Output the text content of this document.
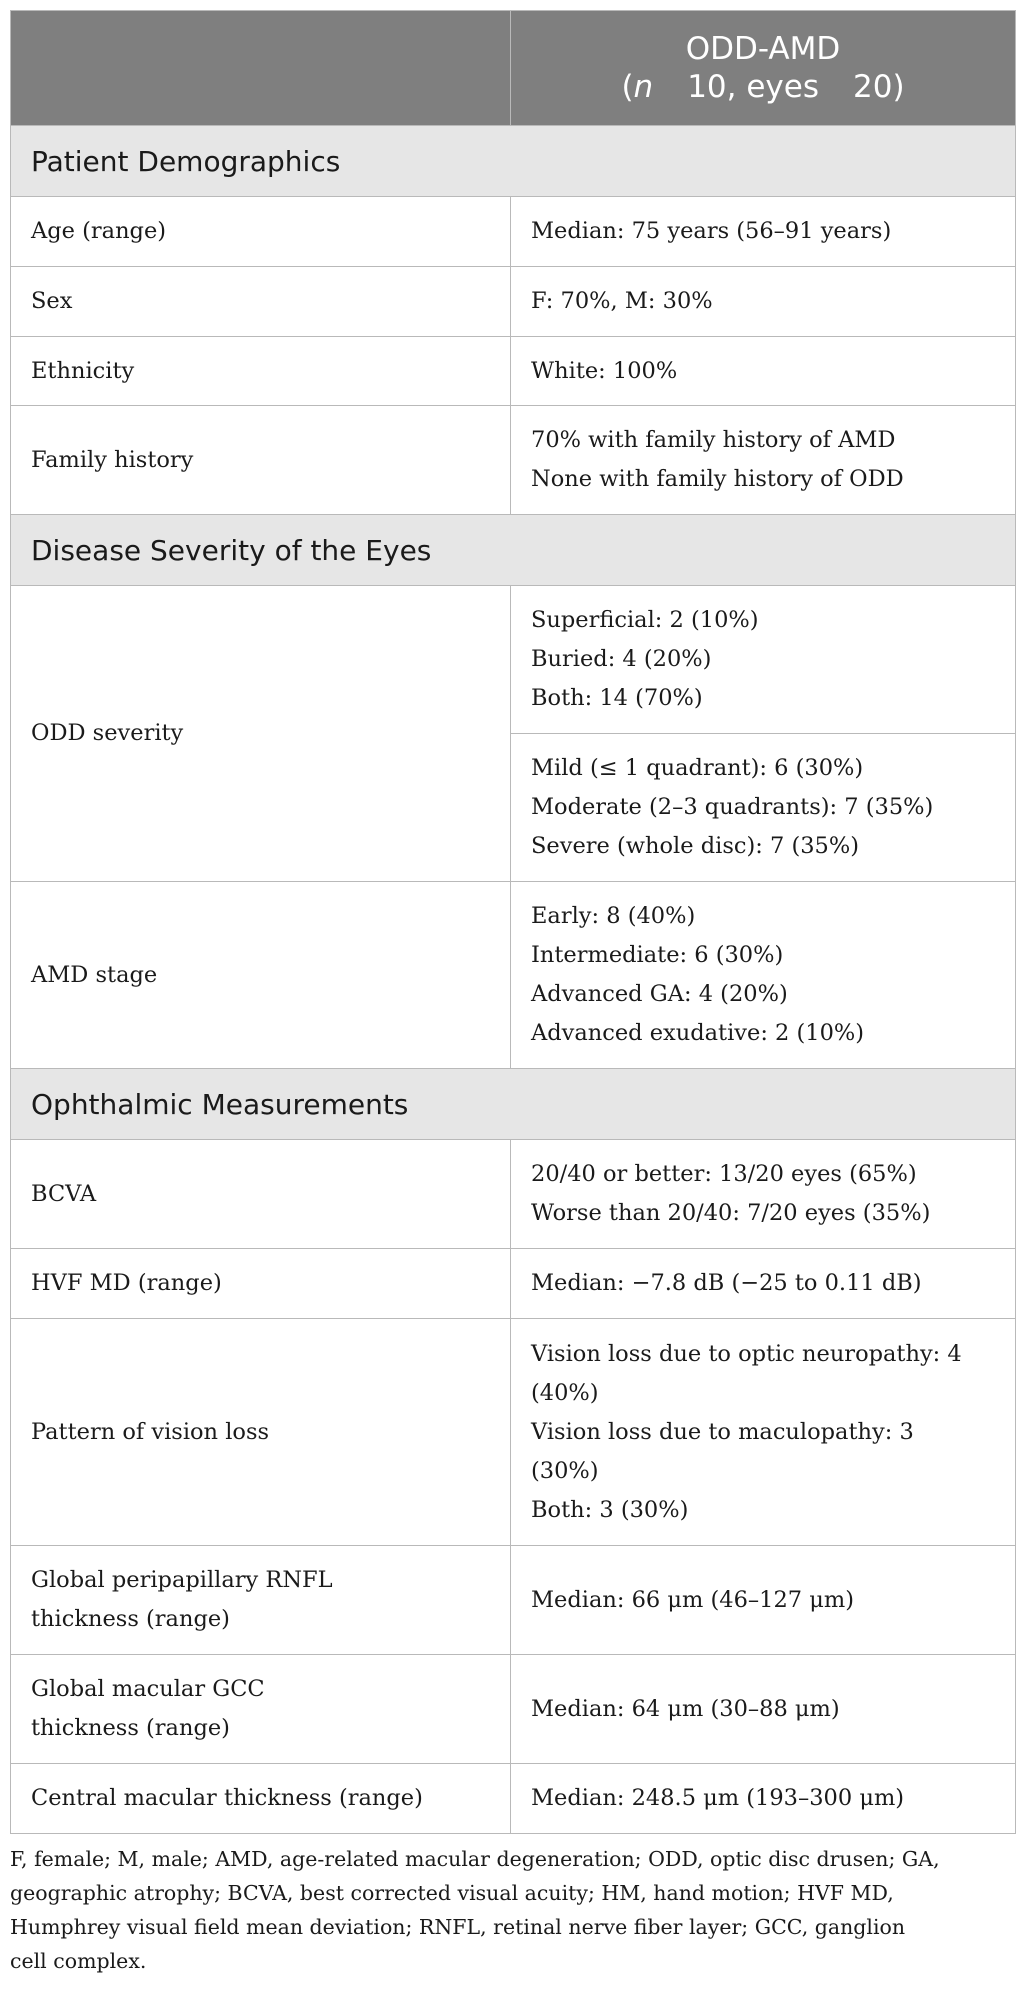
	ODD-AMD
(n 10, eyes 20)

Patient Demographics	
Age (range)	Median: 75 years (56–91 years)
Sex	F: 70%, M: 30%
Ethnicity	White: 100%
Family history	70% with family history of AMD
None with family history of ODD

Disease Severity of the Eyes	
ODD severity	Superficial: 2 (10%)
Buried: 4 (20%)
Both: 14 (70%)

	Mild (≤ 1 quadrant): 6 (30%)
Moderate (2–3 quadrants): 7 (35%)
Severe (whole disc): 7 (35%)

AMD stage	Early: 8 (40%)
Intermediate: 6 (30%)
Advanced GA: 4 (20%)
Advanced exudative: 2 (10%)

Ophthalmic Measurements	
BCVA	20/40 or better: 13/20 eyes (65%)
Worse than 20/40: 7/20 eyes (35%)

HVF MD (range)	Median: −7.8 dB (−25 to 0.11 dB)
Pattern of vision loss	Vision loss due to optic neuropathy: 4
(40%)
Vision loss due to maculopathy: 3
(30%)
Both: 3 (30%)

Global peripapillary RNFL
thickness (range)	Median: 66 μm (46–127 μm)

Global macular GCC
thickness (range)	Median: 64 μm (30–88 μm)
Central macular thickness (range)	Median: 248.5 μm (193–300 μm)
F, female; M, male; AMD, age-related macular degeneration; ODD, optic disc drusen; GA,
geographic atrophy; BCVA, best corrected visual acuity; HM, hand motion; HVF MD,
Humphrey visual field mean deviation; RNFL, retinal nerve fiber layer; GCC, ganglion
cell complex.
